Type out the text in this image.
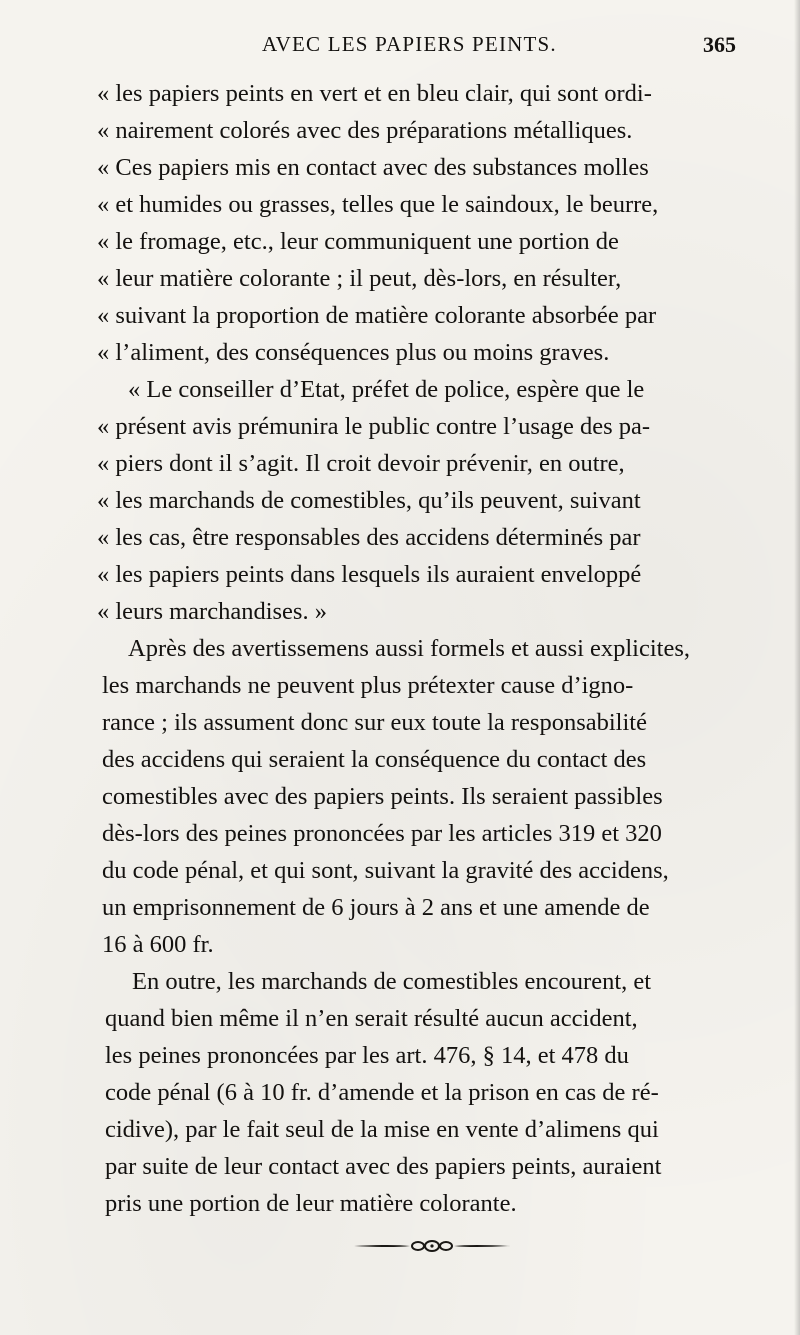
AVEC LES PAPIERS PEINTS.	365
« les papiers peints en vert et en bleu clair, qui sont ordi-
« nairement colorés avec des préparations métalliques.
« Ces papiers mis en contact avec des substances molles
« et humides ou grasses, telles que le saindoux, le beurre,
« le fromage, etc., leur communiquent une portion de
« leur matière colorante ; il peut, dès-lors, en résulter,
« suivant la proportion de matière colorante absorbée par
« l’aliment, des conséquences plus ou moins graves.
« Le conseiller d’Etat, préfet de police, espère que le
« présent avis prémunira le public contre l’usage des pa-
« piers dont il s’agit. Il croit devoir prévenir, en outre,
« les marchands de comestibles, qu’ils peuvent, suivant
« les cas, être responsables des accidens déterminés par
« les papiers peints dans lesquels ils auraient enveloppé
« leurs marchandises. »
Après des avertissemens aussi formels et aussi explicites,
les marchands ne peuvent plus prétexter cause d’igno-
rance ; ils assument donc sur eux toute la responsabilité
des accidens qui seraient la conséquence du contact des
comestibles avec des papiers peints. Ils seraient passibles
dès-lors des peines prononcées par les articles 319 et 320
du code pénal, et qui sont, suivant la gravité des accidens,
un emprisonnement de 6 jours à 2 ans et une amende de
16 à 600 fr.
En outre, les marchands de comestibles encourent, et
quand bien même il n’en serait résulté aucun accident,
les peines prononcées par les art. 476, § 14, et 478 du
code pénal (6 à 10 fr. d’amende et la prison en cas de ré-
cidive), par le fait seul de la mise en vente d’alimens qui
par suite de leur contact avec des papiers peints, auraient
pris une portion de leur matière colorante.
